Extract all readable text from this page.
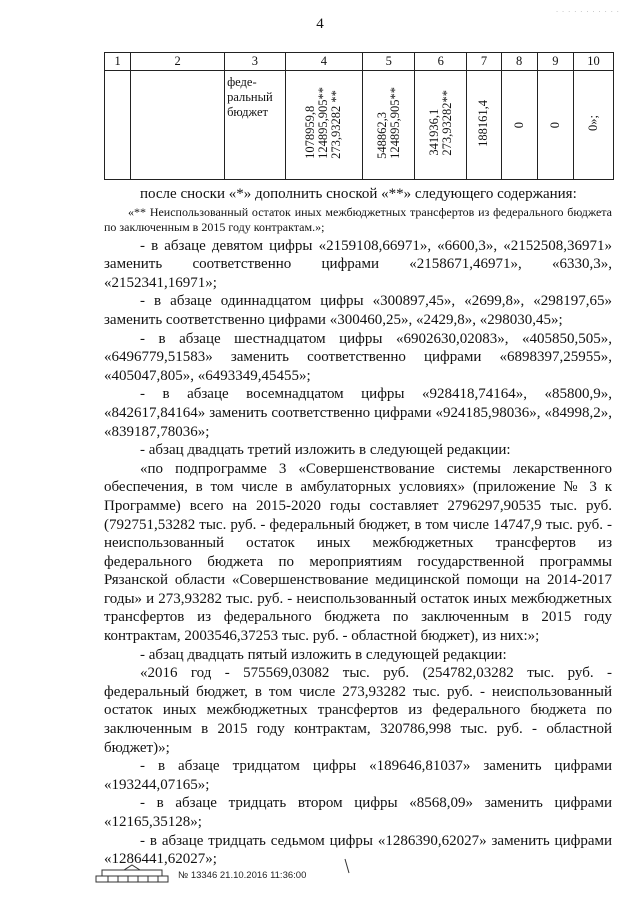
4
· · · · · · · · · · ·
1	2	3	4	5	6	7	8	9	10
		феде-
ральный
бюджет	1078959,8
124895,905**
273,93282 **	548862,3
124895,905**	341936,1
273,93282**	188161,4	0	0	0»;

после сноски «*» дополнить сноской «**» следующего содержания:

«** Неиспользованный остаток иных межбюджетных трансфертов из федерального бюджета по заключенным в 2015 году контрактам.»;

- в абзаце девятом цифры «2159108,66971», «6600,3», «2152508,36971» заменить соответственно цифрами «2158671,46971», «6330,3», «2152341,16971»;

- в абзаце одиннадцатом цифры «300897,45», «2699,8», «298197,65» заменить соответственно цифрами «300460,25», «2429,8», «298030,45»;

- в абзаце шестнадцатом цифры «6902630,02083», «405850,505», «6496779,51583» заменить соответственно цифрами «6898397,25955», «405047,805», «6493349,45455»;

- в абзаце восемнадцатом цифры «928418,74164», «85800,9», «842617,84164» заменить соответственно цифрами «924185,98036», «84998,2», «839187,78036»;

- абзац двадцать третий изложить в следующей редакции:

«по подпрограмме 3 «Совершенствование системы лекарственного обеспечения, в том числе в амбулаторных условиях» (приложение № 3 к Программе) всего на 2015-2020 годы составляет 2796297,90535 тыс. руб. (792751,53282 тыс. руб. - федеральный бюджет, в том числе 14747,9 тыс. руб. - неиспользованный остаток иных межбюджетных трансфертов из федерального бюджета по мероприятиям государственной программы Рязанской области «Совершенствование медицинской помощи на 2014-2017 годы» и 273,93282 тыс. руб. - неиспользованный остаток иных межбюджетных трансфертов из федерального бюджета по заключенным в 2015 году контрактам, 2003546,37253 тыс. руб. - областной бюджет), из них:»;

- абзац двадцать пятый изложить в следующей редакции:

«2016 год - 575569,03082 тыс. руб. (254782,03282 тыс. руб. - федеральный бюджет, в том числе 273,93282 тыс. руб. - неиспользованный остаток иных межбюджетных трансфертов из федерального бюджета по заключенным в 2015 году контрактам, 320786,998 тыс. руб. - областной бюджет)»;

- в абзаце тридцатом цифры «189646,81037» заменить цифрами «193244,07165»;

- в абзаце тридцать втором цифры «8568,09» заменить цифрами «12165,35128»;

- в абзаце тридцать седьмом цифры «1286390,62027» заменить цифрами «1286441,62027»;

№ 13346 21.10.2016 11:36:00
